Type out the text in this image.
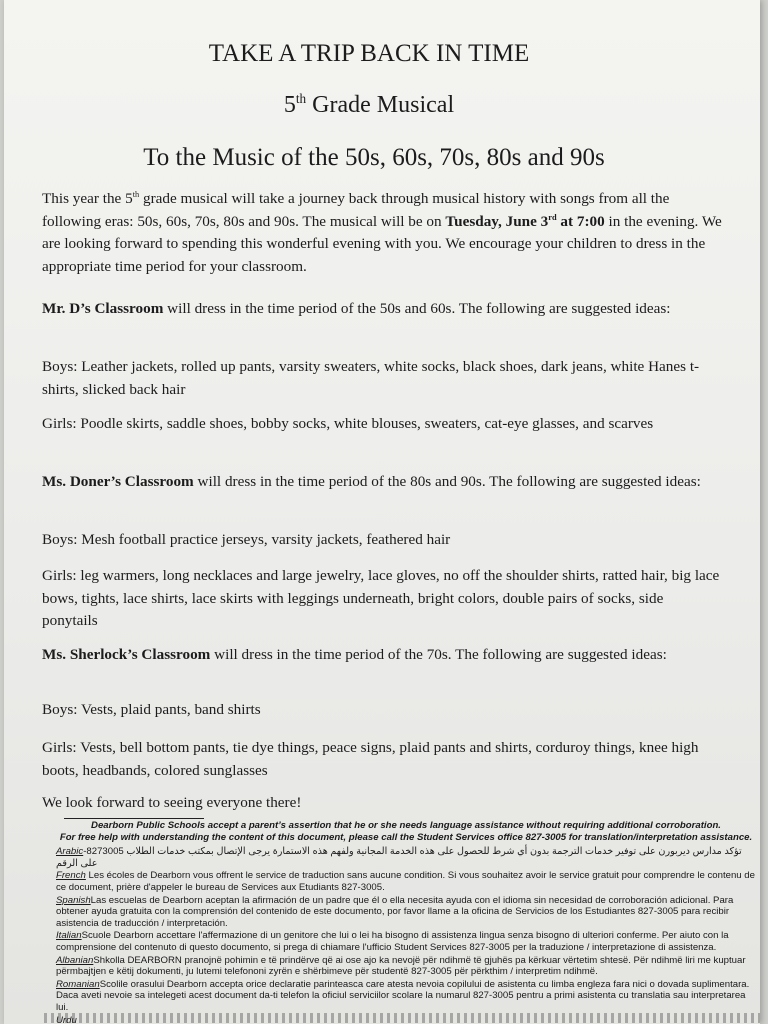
TAKE A TRIP BACK IN TIME
5th Grade Musical
To the Music of the 50s, 60s, 70s, 80s and 90s
This year the 5th grade musical will take a journey back through musical history with songs from all the following eras: 50s, 60s, 70s, 80s and 90s. The musical will be on Tuesday, June 3rd at 7:00 in the evening. We are looking forward to spending this wonderful evening with you. We encourage your children to dress in the appropriate time period for your classroom.
Mr. D’s Classroom will dress in the time period of the 50s and 60s. The following are suggested ideas:
Boys: Leather jackets, rolled up pants, varsity sweaters, white socks, black shoes, dark jeans, white Hanes t-shirts, slicked back hair
Girls: Poodle skirts, saddle shoes, bobby socks, white blouses, sweaters, cat-eye glasses, and scarves
Ms. Doner’s Classroom will dress in the time period of the 80s and 90s. The following are suggested ideas:
Boys: Mesh football practice jerseys, varsity jackets, feathered hair
Girls: leg warmers, long necklaces and large jewelry, lace gloves, no off the shoulder shirts, ratted hair, big lace bows, tights, lace shirts, lace skirts with leggings underneath, bright colors, double pairs of socks, side ponytails
Ms. Sherlock’s Classroom will dress in the time period of the 70s. The following are suggested ideas:
Boys: Vests, plaid pants, band shirts
Girls: Vests, bell bottom pants, tie dye things, peace signs, plaid pants and shirts, corduroy things, knee high boots, headbands, colored sunglasses
We look forward to seeing everyone there!
Dearborn Public Schools accept a parent’s assertion that he or she needs language assistance without requiring additional corroboration.
For free help with understanding the content of this document, please call the Student Services office 827-3005 for translation/interpretation assistance.
Arabic-8273005 تؤكد مدارس ديربورن على توفير خدمات الترجمة بدون أي شرط للحصول على هذه الخدمة المجانية ولفهم هذه الاستمارة يرجى الإتصال بمكتب خدمات الطلاب على الرقم
French Les écoles de Dearborn vous offrent le service de traduction sans aucune condition. Si vous souhaitez avoir le service gratuit pour comprendre le contenu de ce document, prière d'appeler le bureau de Services aux Etudiants 827-3005.
SpanishLas escuelas de Dearborn aceptan la afirmación de un padre que él o ella necesita ayuda con el idioma sin necesidad de corroboración adicional. Para obtener ayuda gratuita con la comprensión del contenido de este documento, por favor llame a la oficina de Servicios de los Estudiantes 827-3005 para recibir asistencia de traducción / interpretación.
ItalianScuole Dearborn accettare l'affermazione di un genitore che lui o lei ha bisogno di assistenza lingua senza bisogno di ulteriori conferme. Per aiuto con la comprensione del contenuto di questo documento, si prega di chiamare l'ufficio Student Services 827-3005 per la traduzione / interpretazione di assistenza.
AlbanianShkolla DEARBORN pranojnë pohimin e të prindërve që ai ose ajo ka nevojë për ndihmë të gjuhës pa kërkuar vërtetim shtesë. Për ndihmë liri me kuptuar përmbajtjen e këtij dokumenti, ju lutemi telefononi zyrën e shërbimeve për studentë 827-3005 për përkthim / interpretim ndihmë.
RomanianScolile orasului Dearborn accepta orice declaratie parinteasca care atesta nevoia copilului de asistenta cu limba engleza fara nici o dovada suplimentara. Daca aveti nevoie sa intelegeti acest document da-ti telefon la oficiul serviciilor scolare la numarul 827-3005 pentru a primi asistenta cu translatia sau interpretarea lui.
Urdu
